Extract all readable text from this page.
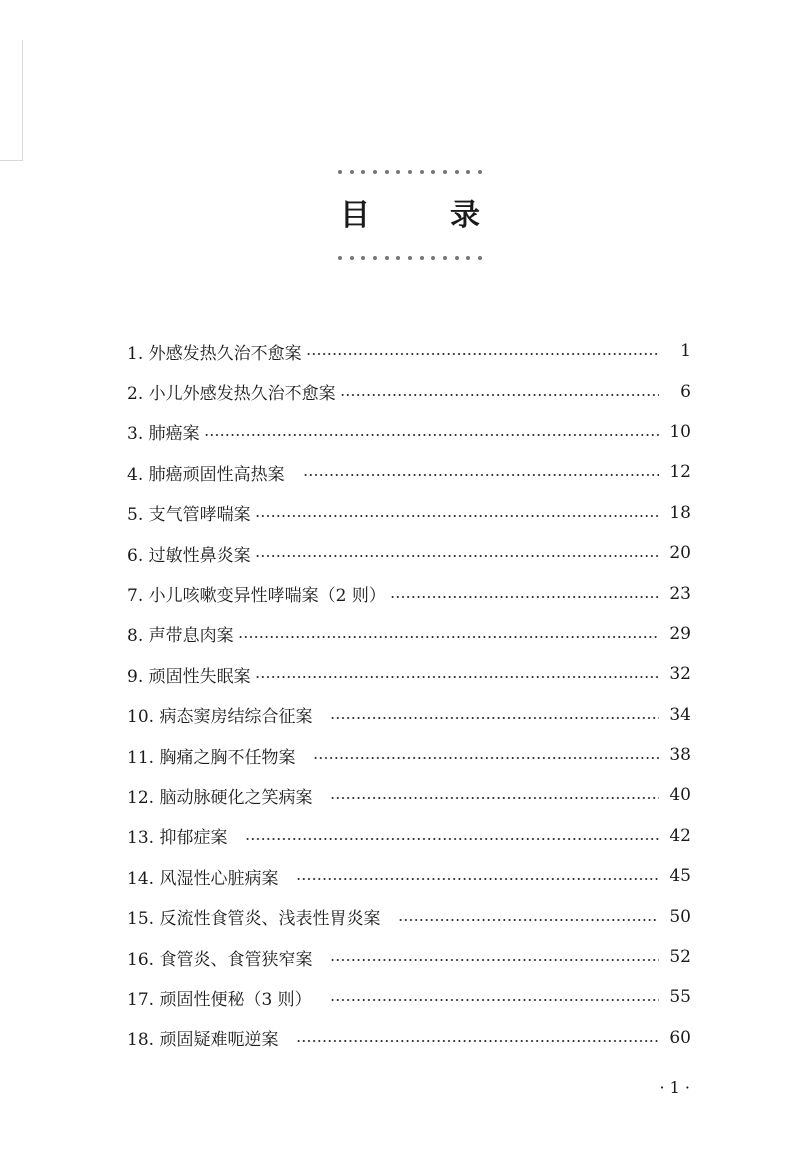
目	录
1. 外感发热久治不愈案	1
2. 小儿外感发热久治不愈案	6
3. 肺癌案	10
4. 肺癌顽固性高热案	12
5. 支气管哮喘案	18
6. 过敏性鼻炎案	20
7. 小儿咳嗽变异性哮喘案（2 则）	23
8. 声带息肉案	29
9. 顽固性失眠案	32
10. 病态窦房结综合征案	34
11. 胸痛之胸不任物案	38
12. 脑动脉硬化之笑病案	40
13. 抑郁症案	42
14. 风湿性心脏病案	45
15. 反流性食管炎、浅表性胃炎案	50
16. 食管炎、食管狭窄案	52
17. 顽固性便秘（3 则）	55
18. 顽固疑难呃逆案	60
· 1 ·
